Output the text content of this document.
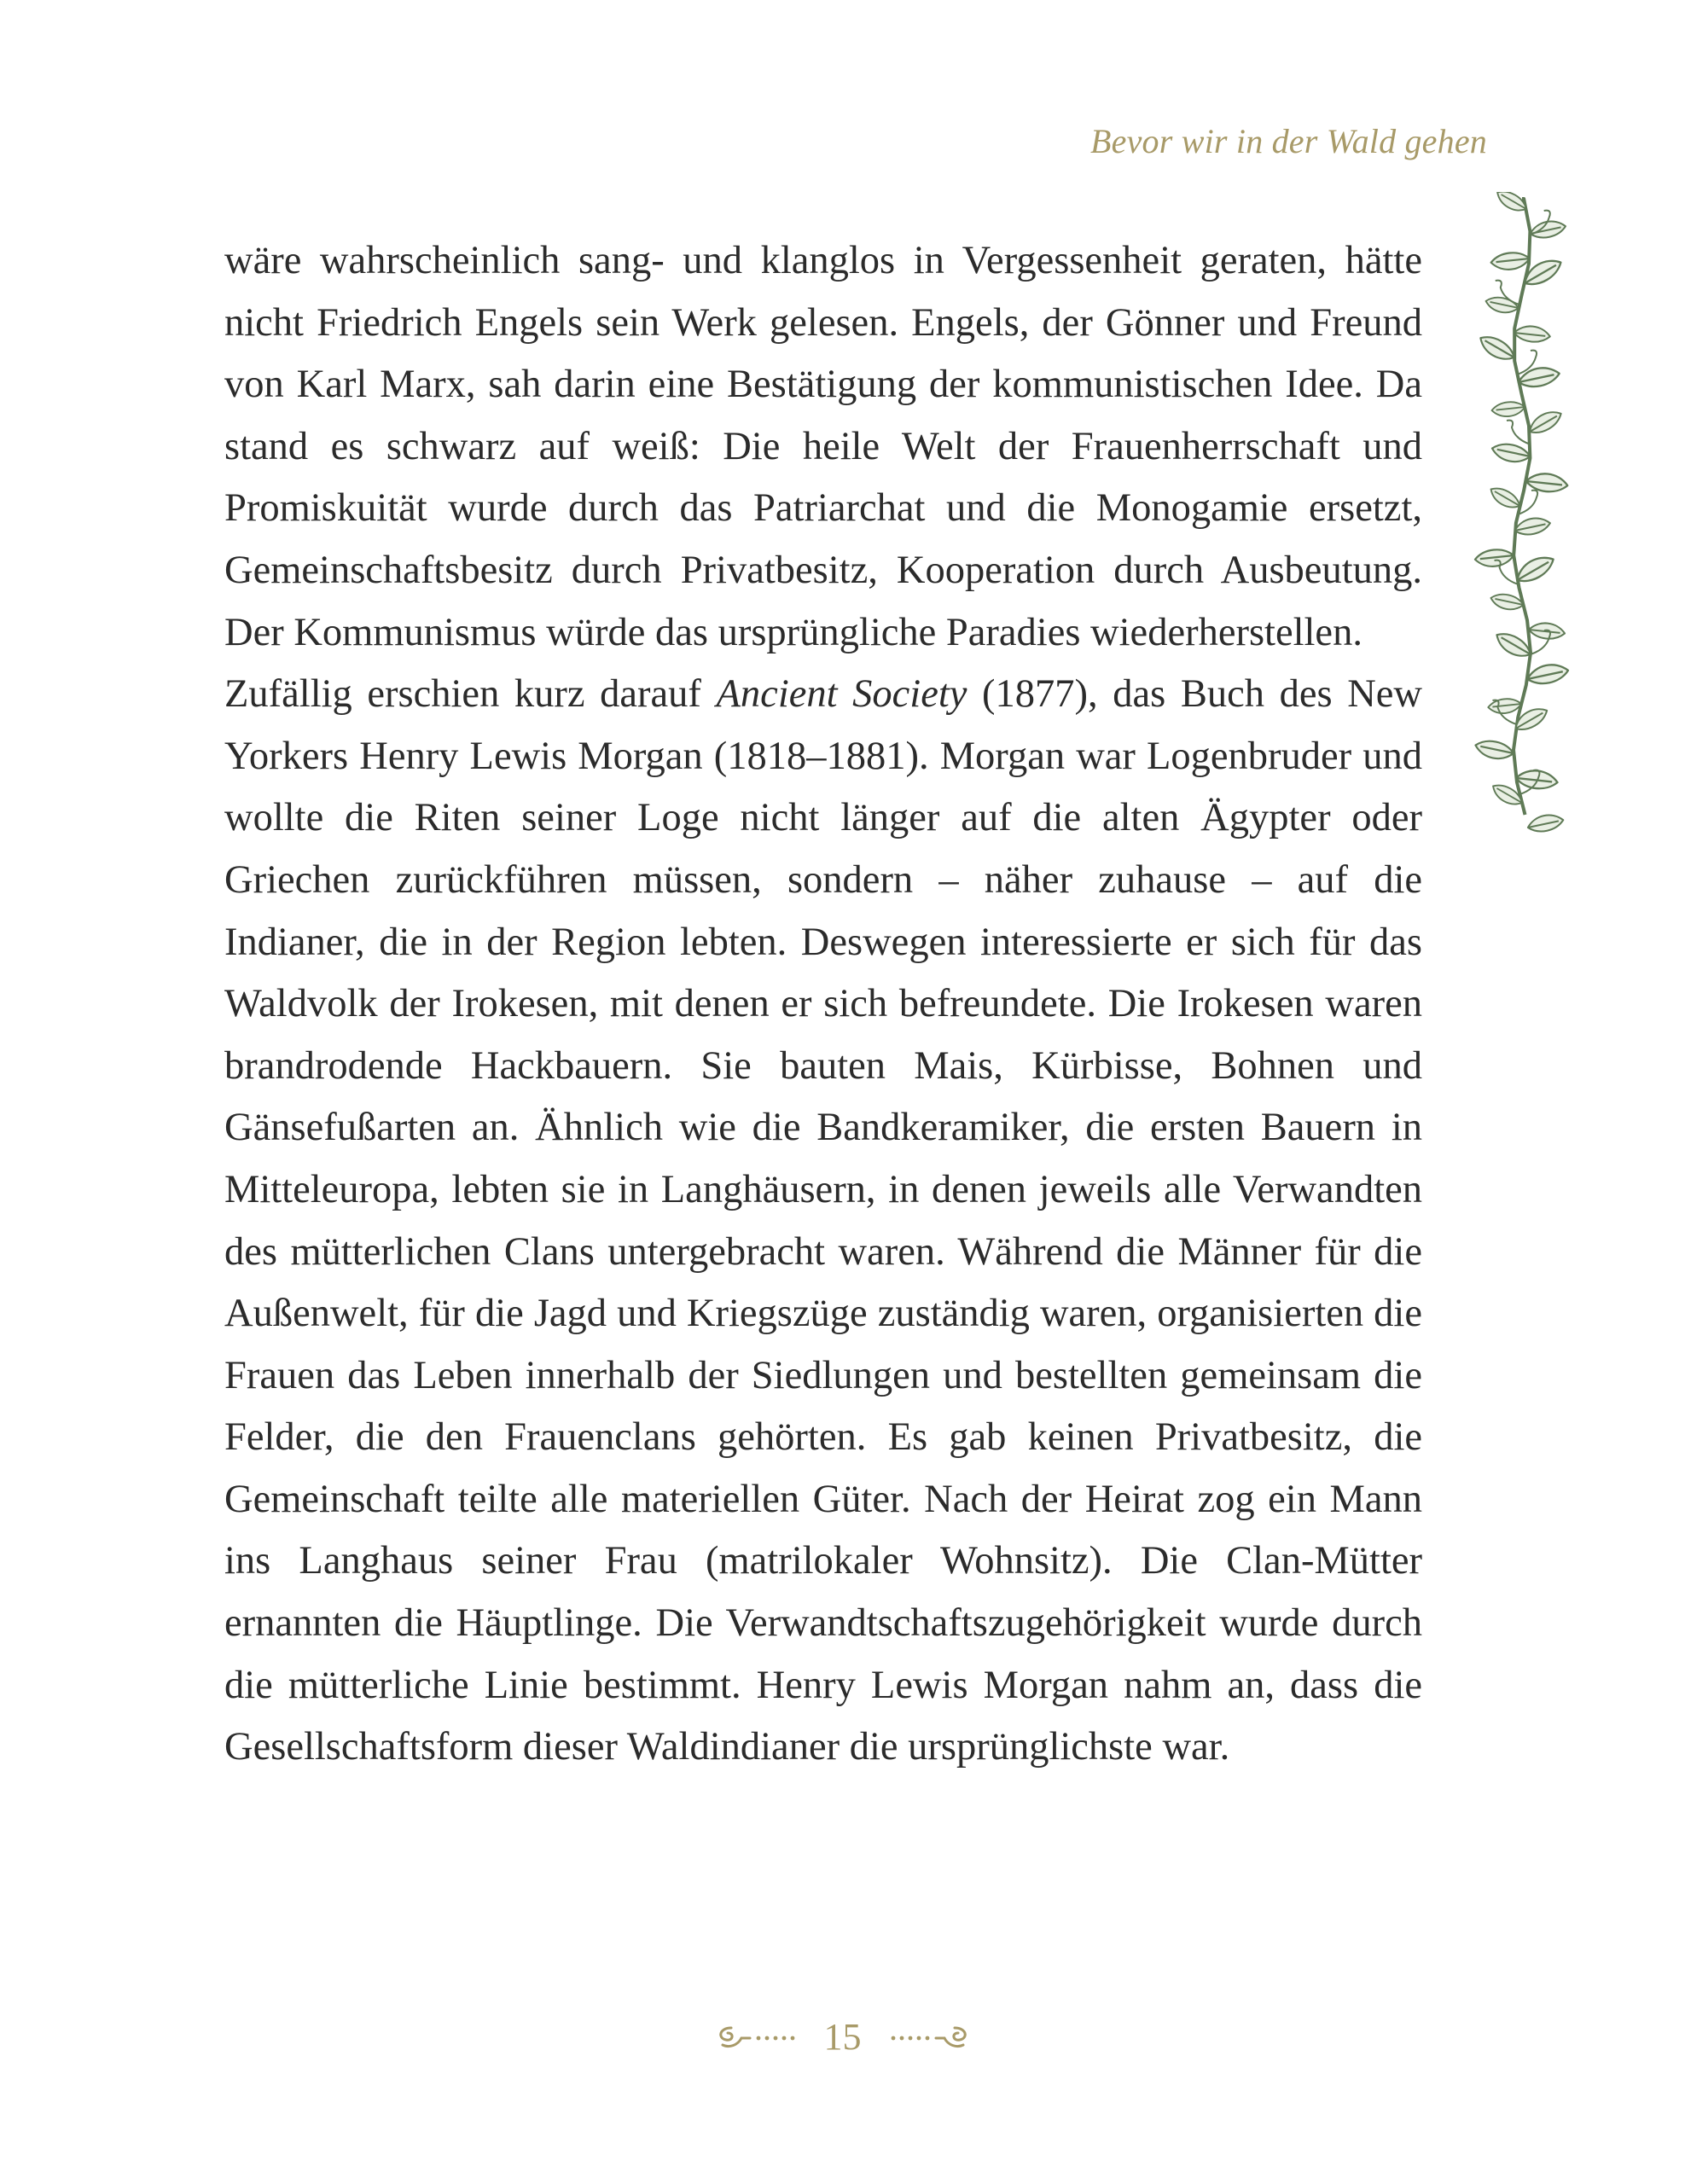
Bevor wir in der Wald gehen

wäre wahrscheinlich sang- und klanglos in Vergessenheit geraten, hätte nicht Friedrich Engels sein Werk gelesen. Engels, der Gönner und Freund von Karl Marx, sah darin eine Bestätigung der kommunistischen Idee. Da stand es schwarz auf weiß: Die heile Welt der Frauenherrschaft und Promiskuität wurde durch das Patriarchat und die Monogamie ersetzt, Gemeinschaftsbesitz durch Privatbesitz, Kooperation durch Ausbeutung. Der Kommunismus würde das ursprüngliche Paradies wiederherstellen.

Zufällig erschien kurz darauf Ancient Society (1877), das Buch des New Yorkers Henry Lewis Morgan (1818–1881). Morgan war Logenbruder und wollte die Riten seiner Loge nicht länger auf die alten Ägypter oder Griechen zurückführen müssen, sondern – näher zuhause – auf die Indianer, die in der Region lebten. Deswegen interessierte er sich für das Waldvolk der Irokesen, mit denen er sich befreundete. Die Irokesen waren brandrodende Hackbauern. Sie bauten Mais, Kürbisse, Bohnen und Gänsefußarten an. Ähnlich wie die Bandkeramiker, die ersten Bauern in Mitteleuropa, lebten sie in Langhäusern, in denen jeweils alle Verwandten des mütterlichen Clans untergebracht waren. Während die Männer für die Außenwelt, für die Jagd und Kriegszüge zuständig waren, organisierten die Frauen das Leben innerhalb der Siedlungen und bestellten gemeinsam die Felder, die den Frauenclans gehörten. Es gab keinen Privatbesitz, die Gemeinschaft teilte alle materiellen Güter. Nach der Heirat zog ein Mann ins Langhaus seiner Frau (matrilokaler Wohnsitz). Die Clan-Mütter ernannten die Häuptlinge. Die Verwandtschaftszugehörigkeit wurde durch die mütterliche Linie bestimmt. Henry Lewis Morgan nahm an, dass die Gesellschaftsform dieser Waldindianer die ursprünglichste war.

15
